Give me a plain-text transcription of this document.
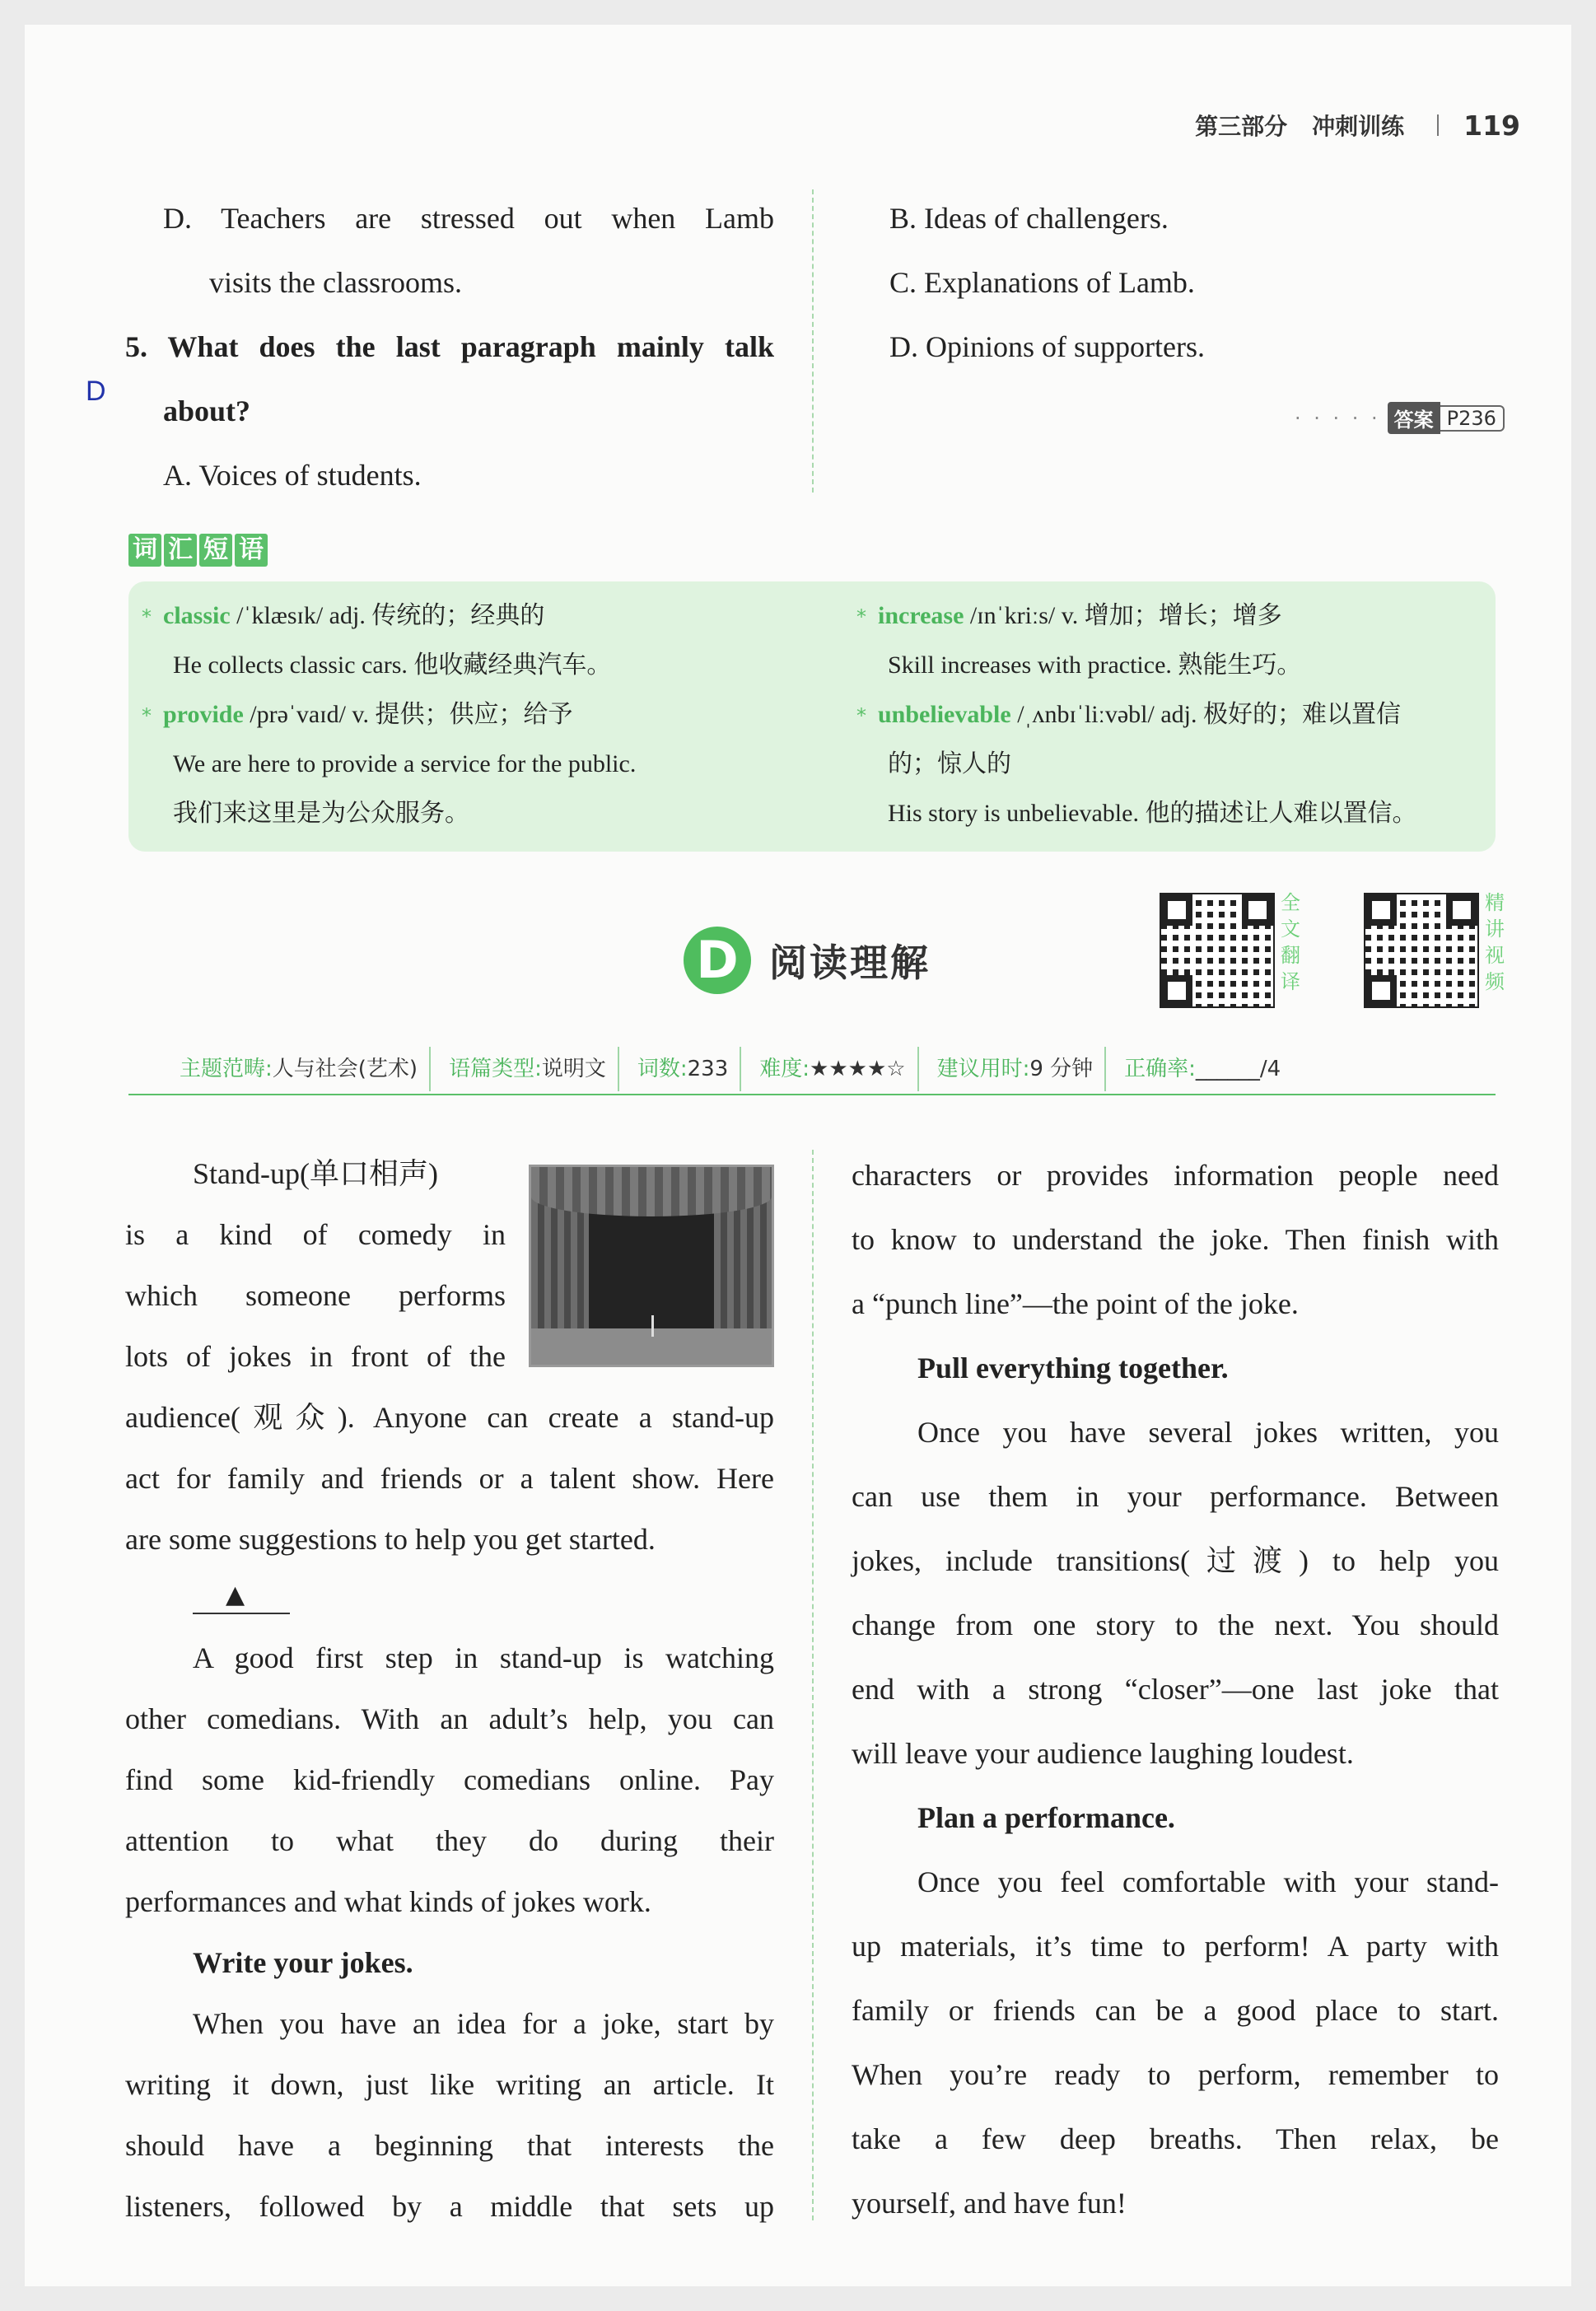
第三部分 冲刺训练 119
D. Teachers are stressed out when Lamb
visits the classrooms.
5. What does the last paragraph mainly talk
about?
A. Voices of students.
D
B. Ideas of challengers.
C. Explanations of Lamb.
D. Opinions of supporters.
· · · · · 答案 P236
词 汇 短 语
* classic /ˈklæsɪk/ adj. 传统的；经典的
He collects classic cars. 他收藏经典汽车。
* provide /prəˈvaɪd/ v. 提供；供应；给予
We are here to provide a service for the public.
我们来这里是为公众服务。
* increase /ɪnˈkriːs/ v. 增加；增长；增多
Skill increases with practice. 熟能生巧。
* unbelievable /ˌʌnbɪˈliːvəbl/ adj. 极好的；难以置信
的；惊人的
His story is unbelievable. 他的描述让人难以置信。
D 阅读理解
全
文
翻
译
精
讲
视
频
主题范畴:人与社会(艺术)	语篇类型:说明文	词数:233	难度:★★★★☆	建议用时:9 分钟	正确率:______/4
Stand-up(单口相声)
is a kind of comedy in
which someone performs
lots of jokes in front of the
audience(观众). Anyone can create a stand-up
act for family and friends or a talent show. Here
are some suggestions to help you get started.
▲
A good first step in stand-up is watching
other comedians. With an adult’s help, you can
find some kid-friendly comedians online. Pay
attention to what they do during their
performances and what kinds of jokes work.
Write your jokes.
When you have an idea for a joke, start by
writing it down, just like writing an article. It
should have a beginning that interests the
listeners, followed by a middle that sets up
characters or provides information people need
to know to understand the joke. Then finish with
a “punch line”—the point of the joke.
Pull everything together.
Once you have several jokes written, you
can use them in your performance. Between
jokes, include transitions(过渡) to help you
change from one story to the next. You should
end with a strong “closer”—one last joke that
will leave your audience laughing loudest.
Plan a performance.
Once you feel comfortable with your stand-
up materials, it’s time to perform! A party with
family or friends can be a good place to start.
When you’re ready to perform, remember to
take a few deep breaths. Then relax, be
yourself, and have fun!
